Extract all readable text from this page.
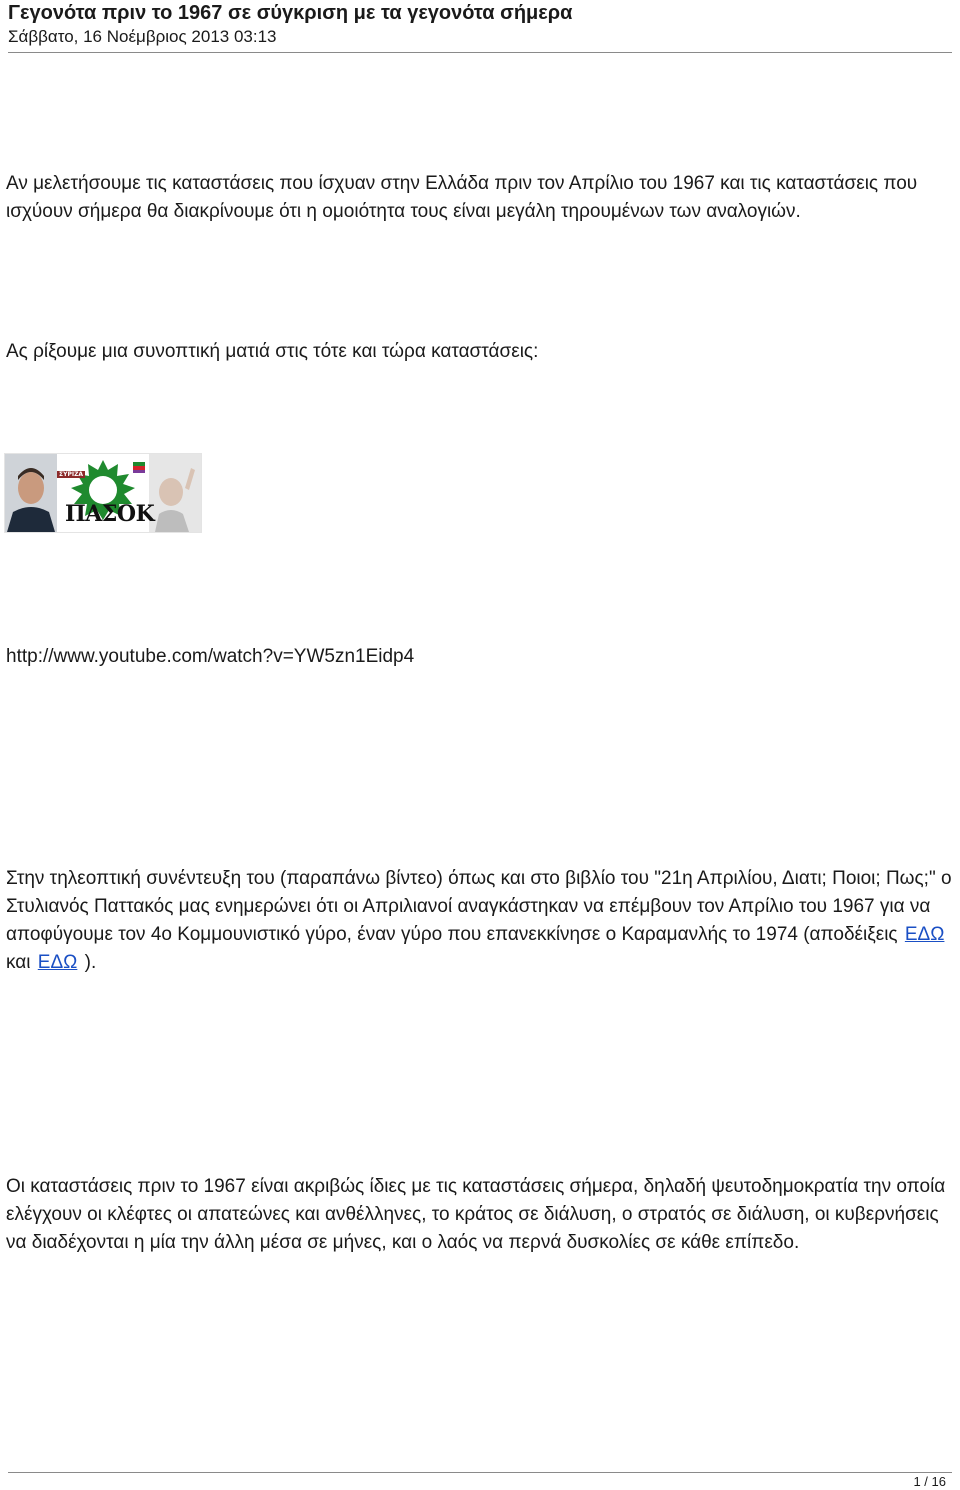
Γεγονότα πριν το 1967 σε σύγκριση με τα γεγονότα σήμερα
Σάββατο, 16 Νοέμβριος 2013 03:13

Αν μελετήσουμε τις καταστάσεις που ίσχυαν στην Ελλάδα πριν τον Απρίλιο του 1967 και τις καταστάσεις που ισχύουν σήμερα θα διακρίνουμε ότι η ομοιότητα τους είναι μεγάλη τηρουμένων των αναλογιών.

Ας ρίξουμε μια συνοπτική ματιά στις τότε και τώρα καταστάσεις:

ΣΥΡΙΖΑ
ΠΑΣΟΚ

http://www.youtube.com/watch?v=YW5zn1Eidp4

Στην τηλεοπτική συνέντευξη του (παραπάνω βίντεο) όπως και στο βιβλίο του "21η Απριλίου, Διατι; Ποιοι; Πως;" ο Στυλιανός Παττακός μας ενημερώνει ότι οι Απριλιανοί αναγκάστηκαν να επέμβουν τον Απρίλιο του 1967 για να αποφύγουμε τον 4ο Κομμουνιστικό γύρο, έναν γύρο που επανεκκίνησε ο Καραμανλής το 1974 (αποδέιξεις ΕΔΩ και ΕΔΩ ).

Οι καταστάσεις πριν το 1967 είναι ακριβώς ίδιες με τις καταστάσεις σήμερα, δηλαδή ψευτοδημοκρατία την οποία ελέγχουν οι κλέφτες οι απατεώνες και ανθέλληνες, το κράτος σε διάλυση, ο στρατός σε διάλυση, οι κυβερνήσεις να διαδέχονται η μία την άλλη μέσα σε μήνες, και ο λαός να περνά δυσκολίες σε κάθε επίπεδο.

1 / 16
